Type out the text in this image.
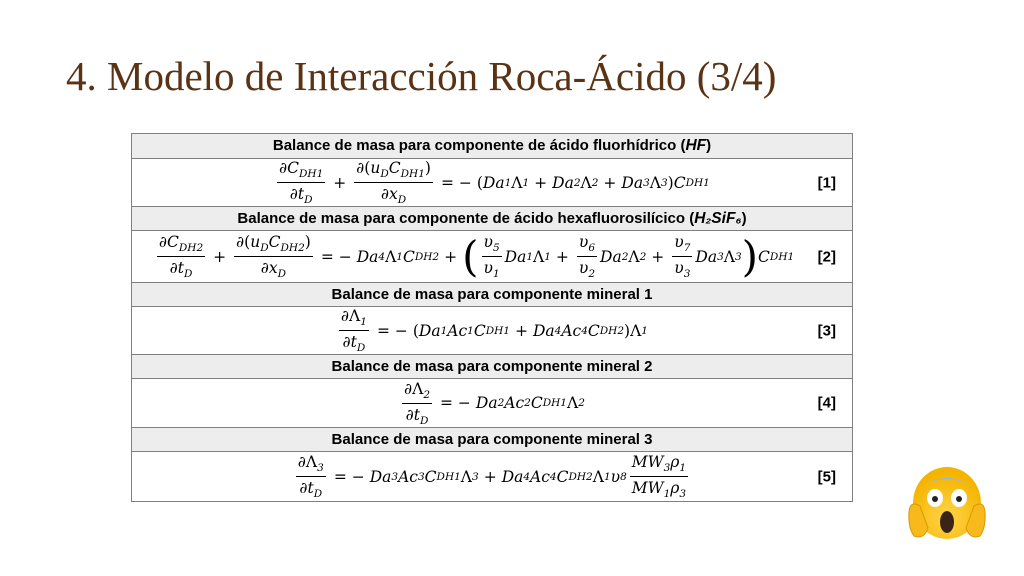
4. Modelo de Interacción Roca-Ácido (3/4)
Balance de masa para componente de ácido fluorhídrico (HF)

$\frac{\partial C_{DH1}}{\partial t_D} + \frac{\partial(u_DC_{DH1})}{\partial x_D}$ = − ( Da 1 Λ 1 + Da 2 Λ 2 + Da 3 Λ 3 ) C DH1	[1]

Balance de masa para componente de ácido hexafluorosilícico (H₂SiF₆)

$\frac{\partial C_{DH2}}{\partial t_D} + \frac{\partial(u_DC_{DH2})}{\partial x_D}$ = − Da 4 Λ 1 C DH2 + ( $\frac{\upsilon_5}{\upsilon_1}$ Da 1 Λ $1 + \frac{\upsilon_6}{\upsilon_2}$ Da 2 Λ $2 + \frac{\upsilon_7}{\upsilon_3}$ Da 3 Λ 3 ) C DH1 [2]

Balance de masa para componente mineral 1

$\frac{\partial\Lambda_1}{\partial t_D}$ = − ( Da 1 Ac 1 C DH1 + Da 4 Ac 4 C DH2 )Λ 1	[3]

Balance de masa para componente mineral 2

$\frac{\partial\Lambda_2}{\partial t_D}$ = − Da 2 Ac 2 C DH1 Λ 2	[4]

Balance de masa para componente mineral 3

$\frac{\partial\Lambda_3}{\partial t_D}$ = − Da 3 Ac 3 C DH1 Λ 3 + Da 4 Ac 4 C DH2 Λ 1 υ $8 \frac{MW_3\rho_1}{MW_1\rho_3}$	[5]
